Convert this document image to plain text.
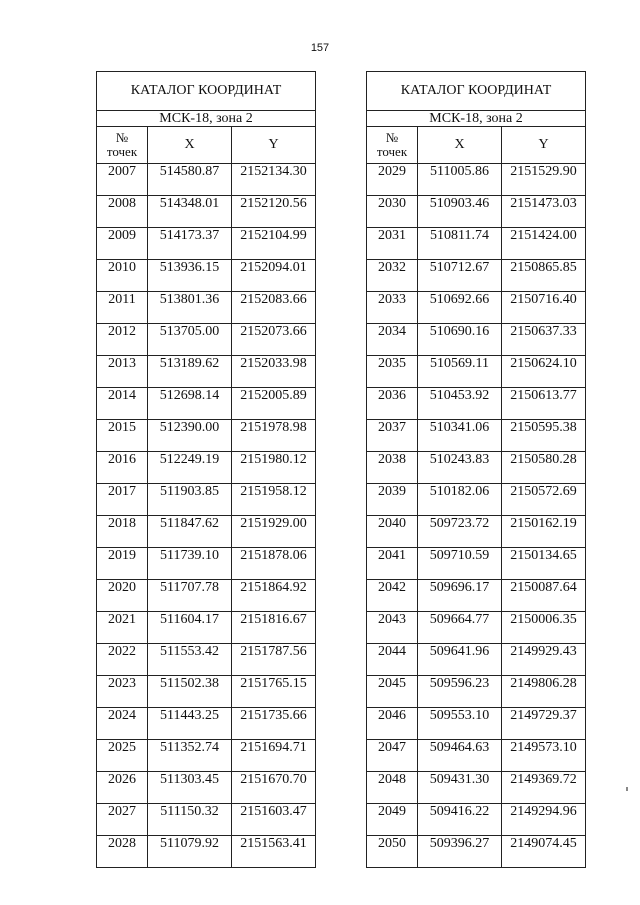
157
КАТАЛОГ КООРДИНАТ		
МСК-18, зона 2		
№
точек	X	Y
2007	514580.87	2152134.30
2008	514348.01	2152120.56
2009	514173.37	2152104.99
2010	513936.15	2152094.01
2011	513801.36	2152083.66
2012	513705.00	2152073.66
2013	513189.62	2152033.98
2014	512698.14	2152005.89
2015	512390.00	2151978.98
2016	512249.19	2151980.12
2017	511903.85	2151958.12
2018	511847.62	2151929.00
2019	511739.10	2151878.06
2020	511707.78	2151864.92
2021	511604.17	2151816.67
2022	511553.42	2151787.56
2023	511502.38	2151765.15
2024	511443.25	2151735.66
2025	511352.74	2151694.71
2026	511303.45	2151670.70
2027	511150.32	2151603.47
2028	511079.92	2151563.41
КАТАЛОГ КООРДИНАТ		
МСК-18, зона 2		
№
точек	X	Y
2029	511005.86	2151529.90
2030	510903.46	2151473.03
2031	510811.74	2151424.00
2032	510712.67	2150865.85
2033	510692.66	2150716.40
2034	510690.16	2150637.33
2035	510569.11	2150624.10
2036	510453.92	2150613.77
2037	510341.06	2150595.38
2038	510243.83	2150580.28
2039	510182.06	2150572.69
2040	509723.72	2150162.19
2041	509710.59	2150134.65
2042	509696.17	2150087.64
2043	509664.77	2150006.35
2044	509641.96	2149929.43
2045	509596.23	2149806.28
2046	509553.10	2149729.37
2047	509464.63	2149573.10
2048	509431.30	2149369.72
2049	509416.22	2149294.96
2050	509396.27	2149074.45
